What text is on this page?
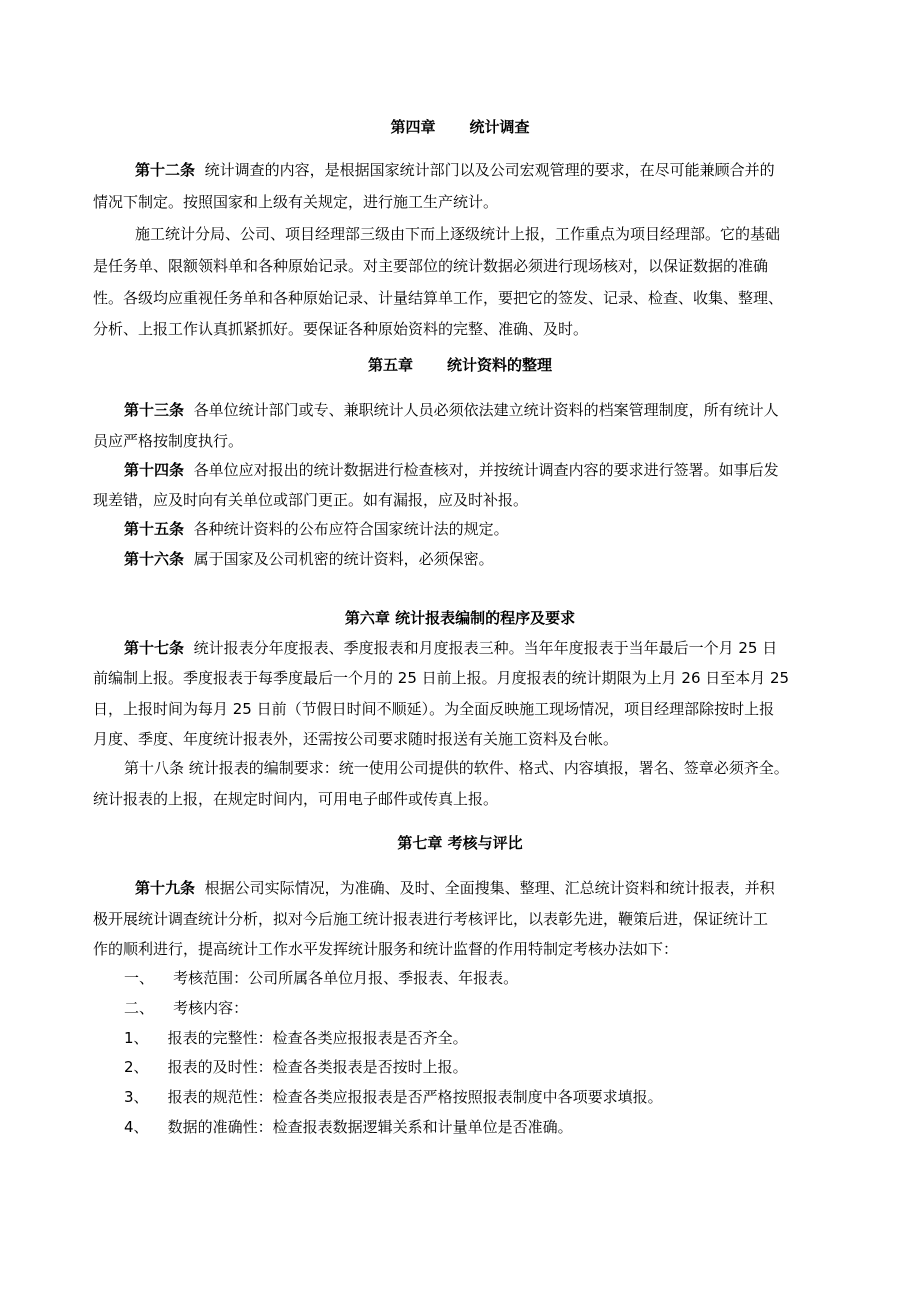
第四章 统计调查
第十二条 统计调查的内容，是根据国家统计部门以及公司宏观管理的要求，在尽可能兼顾合并的
情况下制定。按照国家和上级有关规定，进行施工生产统计。
施工统计分局、公司、项目经理部三级由下而上逐级统计上报，工作重点为项目经理部。它的基础
是任务单、限额领料单和各种原始记录。对主要部位的统计数据必须进行现场核对，以保证数据的准确
性。各级均应重视任务单和各种原始记录、计量结算单工作，要把它的签发、记录、检查、收集、整理、
分析、上报工作认真抓紧抓好。要保证各种原始资料的完整、准确、及时。
第五章 统计资料的整理
第十三条 各单位统计部门或专、兼职统计人员必须依法建立统计资料的档案管理制度，所有统计人
员应严格按制度执行。
第十四条 各单位应对报出的统计数据进行检查核对，并按统计调查内容的要求进行签署。如事后发
现差错，应及时向有关单位或部门更正。如有漏报，应及时补报。
第十五条 各种统计资料的公布应符合国家统计法的规定。
第十六条 属于国家及公司机密的统计资料，必须保密。
第六章 统计报表编制的程序及要求
第十七条 统计报表分年度报表、季度报表和月度报表三种。当年年度报表于当年最后一个月 25 日
前编制上报。季度报表于每季度最后一个月的 25 日前上报。月度报表的统计期限为上月 26 日至本月 25
日，上报时间为每月 25 日前（节假日时间不顺延）。为全面反映施工现场情况，项目经理部除按时上报
月度、季度、年度统计报表外，还需按公司要求随时报送有关施工资料及台帐。
第十八条 统计报表的编制要求：统一使用公司提供的软件、格式、内容填报，署名、签章必须齐全。
统计报表的上报，在规定时间内，可用电子邮件或传真上报。
第七章 考核与评比
第十九条 根据公司实际情况，为准确、及时、全面搜集、整理、汇总统计资料和统计报表，并积
极开展统计调查统计分析，拟对今后施工统计报表进行考核评比，以表彰先进，鞭策后进，保证统计工
作的顺利进行，提高统计工作水平发挥统计服务和统计监督的作用特制定考核办法如下：
一、 考核范围：公司所属各单位月报、季报表、年报表。
二、 考核内容：
1、 报表的完整性：检查各类应报报表是否齐全。
2、 报表的及时性：检查各类报表是否按时上报。
3、 报表的规范性：检查各类应报报表是否严格按照报表制度中各项要求填报。
4、 数据的准确性：检查报表数据逻辑关系和计量单位是否准确。
